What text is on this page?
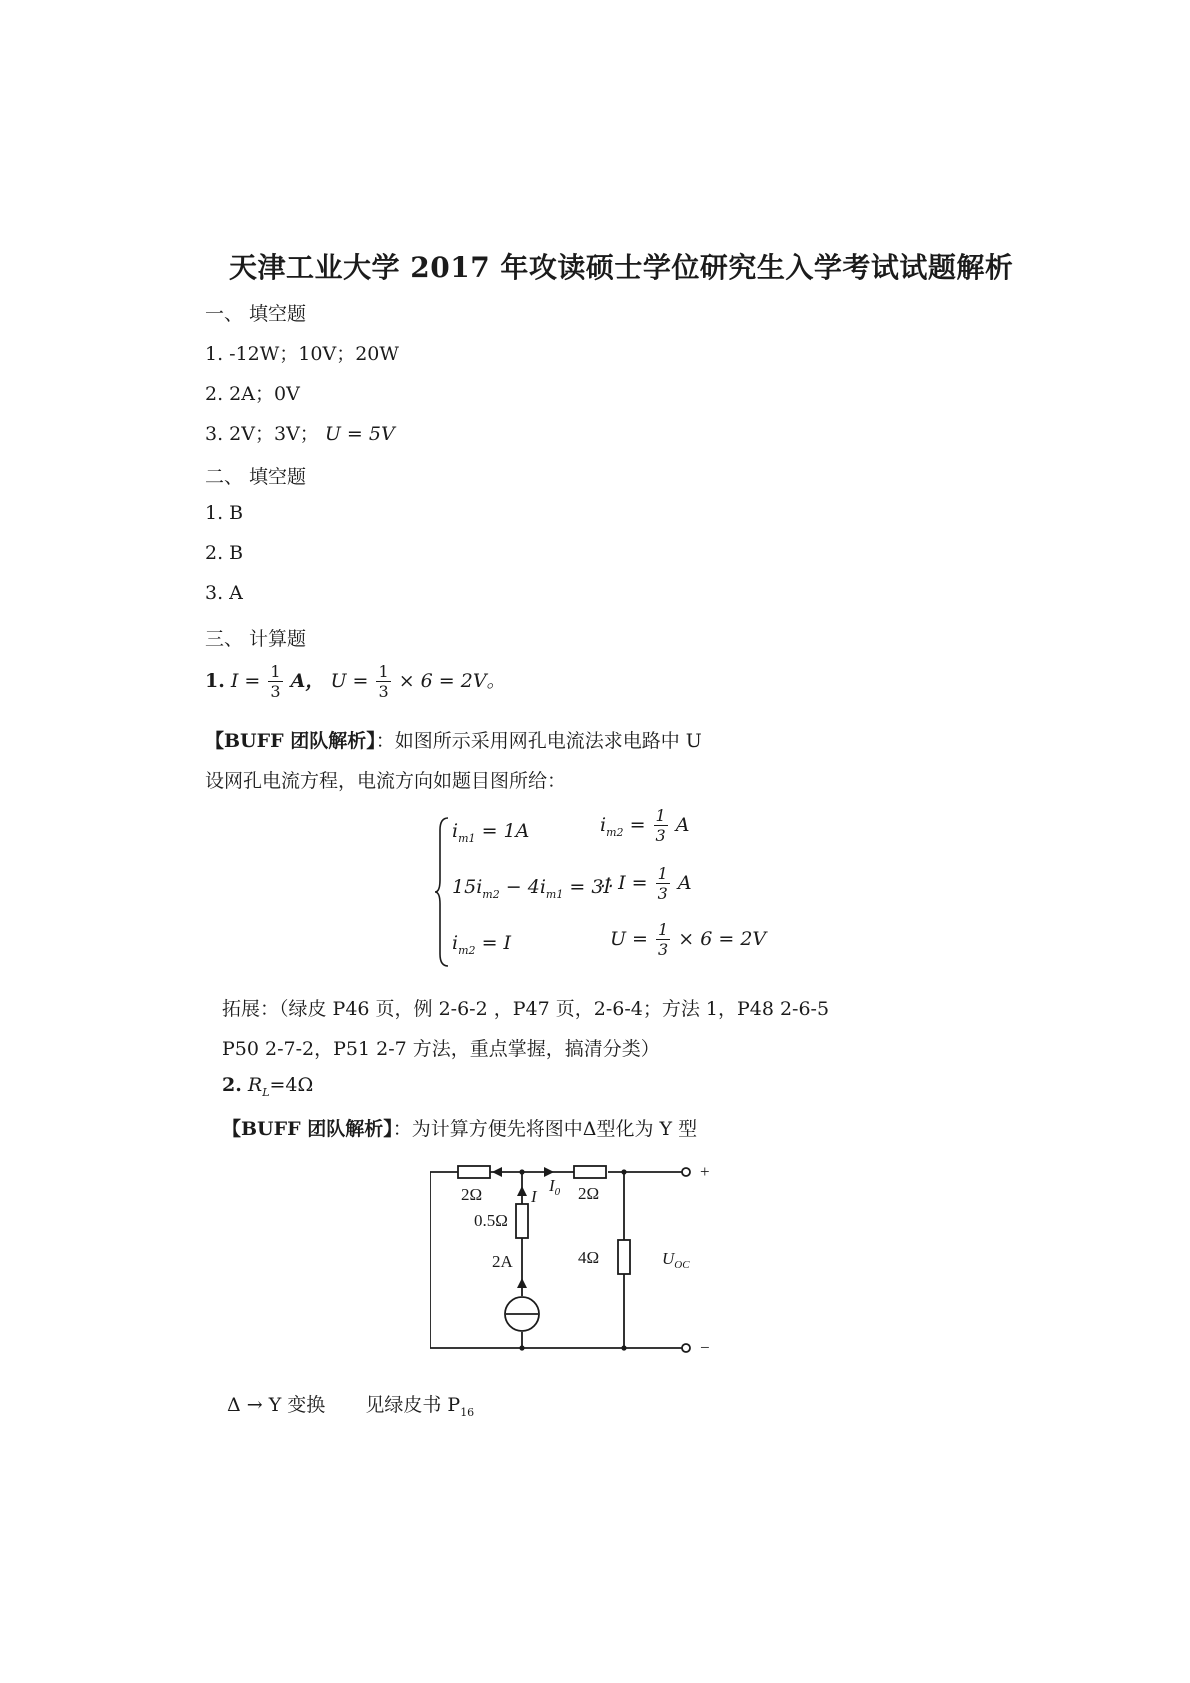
天津工业大学 2017 年攻读硕士学位研究生入学考试试题解析
一、 填空题
1. -12W；10V；20W
2. 2A；0V
3. 2V；3V； U = 5V
二、 填空题
1. B
2. B
3. A
三、 计算题
1. $I = \frac{1}{3}$ A， $U = \frac{1}{3} \times 6 = 2V$。
【BUFF 团队解析】：如图所示采用网孔电流法求电路中 U
设网孔电流方程，电流方向如题目图所给：
$i_{m1} = 1A$	$i_{m2} = \frac{1}{3}$ A
$15i_{m2} - 4i_{m1} = 3I$
∴ $I = \frac{1}{3}$ A
$i_{m2} = I$	$U = \frac{1}{3} \times 6 = 2V$
拓展：（绿皮 P46 页，例 2-6-2 ，P47 页，2-6-4；方法 1，P48 2-6-5
P50 2-7-2，P51 2-7 方法，重点掌握，搞清分类）
2. $R_L=4\Omega$
【BUFF 团队解析】：为计算方便先将图中Δ型化为 Y 型
2Ω	2Ω
0.5Ω
2A	4Ω
I
$I_0$
$U_{OC}$
+
−
Δ → Y 变换 见绿皮书 $P_{16}$
